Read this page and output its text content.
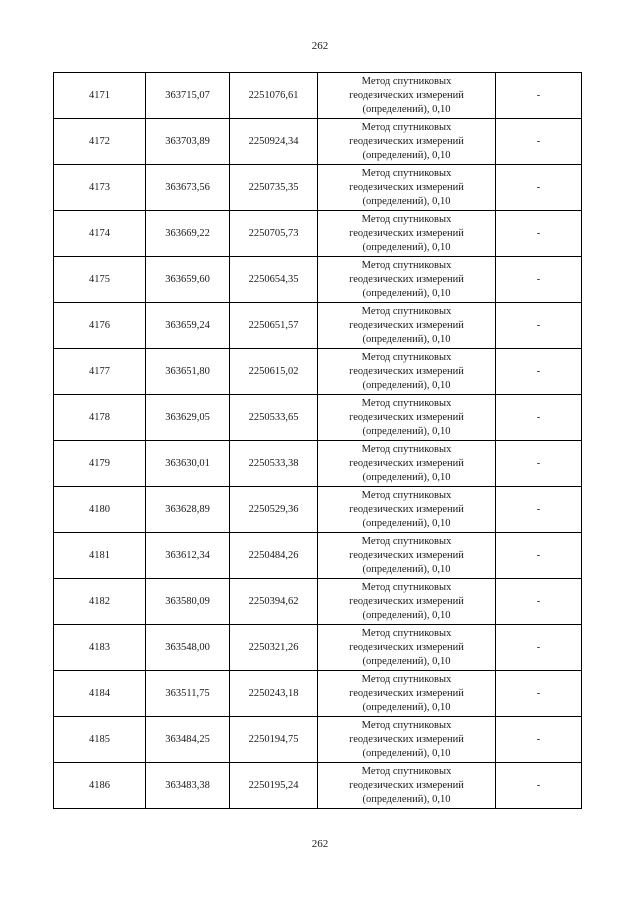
262
4171	363715,07	2251076,61	Метод спутниковых
геодезических измерений
(определений), 0,10	-
4172	363703,89	2250924,34	Метод спутниковых
геодезических измерений
(определений), 0,10	-
4173	363673,56	2250735,35	Метод спутниковых
геодезических измерений
(определений), 0,10	-
4174	363669,22	2250705,73	Метод спутниковых
геодезических измерений
(определений), 0,10	-
4175	363659,60	2250654,35	Метод спутниковых
геодезических измерений
(определений), 0,10	-
4176	363659,24	2250651,57	Метод спутниковых
геодезических измерений
(определений), 0,10	-
4177	363651,80	2250615,02	Метод спутниковых
геодезических измерений
(определений), 0,10	-
4178	363629,05	2250533,65	Метод спутниковых
геодезических измерений
(определений), 0,10	-
4179	363630,01	2250533,38	Метод спутниковых
геодезических измерений
(определений), 0,10	-
4180	363628,89	2250529,36	Метод спутниковых
геодезических измерений
(определений), 0,10	-
4181	363612,34	2250484,26	Метод спутниковых
геодезических измерений
(определений), 0,10	-
4182	363580,09	2250394,62	Метод спутниковых
геодезических измерений
(определений), 0,10	-
4183	363548,00	2250321,26	Метод спутниковых
геодезических измерений
(определений), 0,10	-
4184	363511,75	2250243,18	Метод спутниковых
геодезических измерений
(определений), 0,10	-
4185	363484,25	2250194,75	Метод спутниковых
геодезических измерений
(определений), 0,10	-
4186	363483,38	2250195,24	Метод спутниковых
геодезических измерений
(определений), 0,10	-
262
